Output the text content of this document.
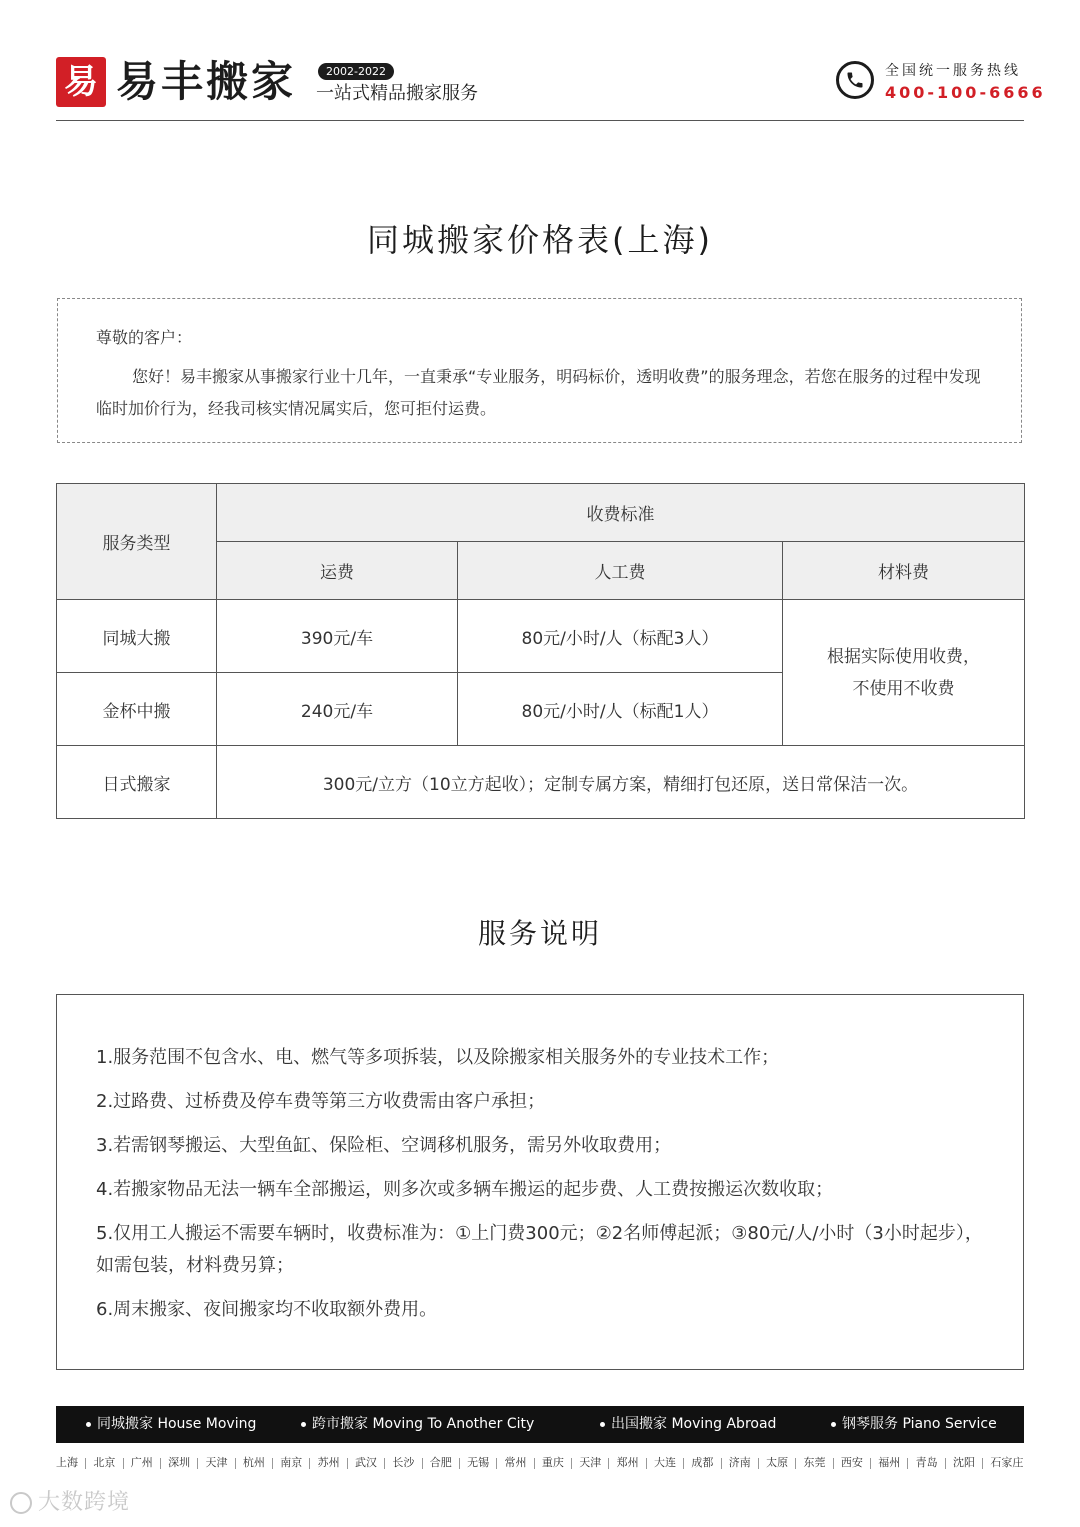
易 易丰搬家	2002-2022
一站式精品搬家服务
全国统一服务热线
400-100-6666
同城搬家价格表(上海)
尊敬的客户：
您好！易丰搬家从事搬家行业十几年，一直秉承“专业服务，明码标价，透明收费”的服务理念，若您在服务的过程中发现临时加价行为，经我司核实情况属实后，您可拒付运费。
服务类型	收费标准		
	运费	人工费	材料费
同城大搬	390元/车	80元/小时/人（标配3人）	根据实际使用收费，
不使用不收费
金杯中搬	240元/车	80元/小时/人（标配1人）	
日式搬家	300元/立方（10立方起收）；定制专属方案，精细打包还原，送日常保洁一次。		
服务说明
1.服务范围不包含水、电、燃气等多项拆装，以及除搬家相关服务外的专业技术工作；
2.过路费、过桥费及停车费等第三方收费需由客户承担；
3.若需钢琴搬运、大型鱼缸、保险柜、空调移机服务，需另外收取费用；
4.若搬家物品无法一辆车全部搬运，则多次或多辆车搬运的起步费、人工费按搬运次数收取；
5.仅用工人搬运不需要车辆时，收费标准为：①上门费300元；②2名师傅起派；③80元/人/小时（3小时起步），如需包装，材料费另算；
6.周末搬家、夜间搬家均不收取额外费用。
同城搬家 House Moving	跨市搬家 Moving To Another City	出国搬家 Moving Abroad	钢琴服务 Piano Service
上海 北京 广州 深圳 天津 杭州 南京 苏州 武汉 长沙 合肥 无锡 常州 重庆 天津 郑州 大连 成都 济南 太原 东莞 西安 福州 青岛 沈阳 石家庄
大数跨境
